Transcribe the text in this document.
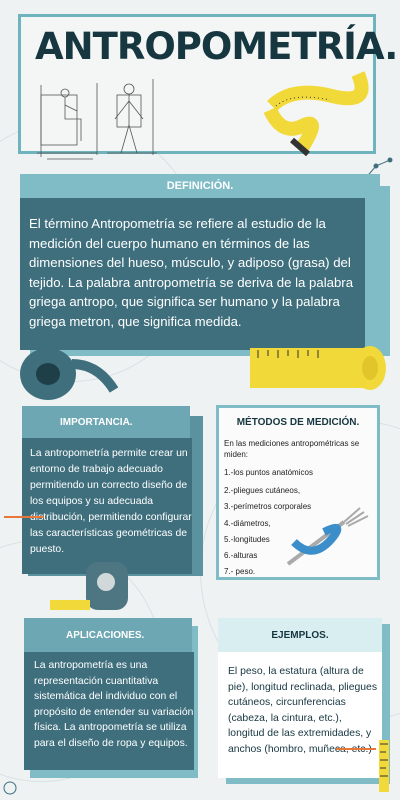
ANTROPOMETRÍA.
DEFINICIÓN.
El término Antropometría se refiere al estudio de la medición del cuerpo humano en términos de las dimensiones del hueso, músculo, y adiposo (grasa) del tejido. La palabra antropometría se deriva de la palabra griega antropo, que significa ser humano y la palabra griega metron, que significa medida.
IMPORTANCIA.
La antropometría permite crear un entorno de trabajo adecuado permitiendo un correcto diseño de los equipos y su adecuada distribución, permitiendo configurar las características geométricas de puesto.
MÉTODOS DE MEDICIÓN.
En las mediciones antropométricas se miden:
1.-los puntos anatómicos
2.-pliegues cutáneos,
3.-perímetros corporales
4.-diámetros,
5.-longitudes
6.-alturas
7.- peso.
APLICACIONES.
La antropometría es una representación cuantitativa sistemática del individuo con el propósito de entender su variación física. La antropometría se utiliza para el diseño de ropa y equipos.
EJEMPLOS.
El peso, la estatura (altura de pie), longitud reclinada, pliegues cutáneos, circunferencias (cabeza, la cintura, etc.), longitud de las extremidades, y anchos (hombro, muñeca, etc.)
